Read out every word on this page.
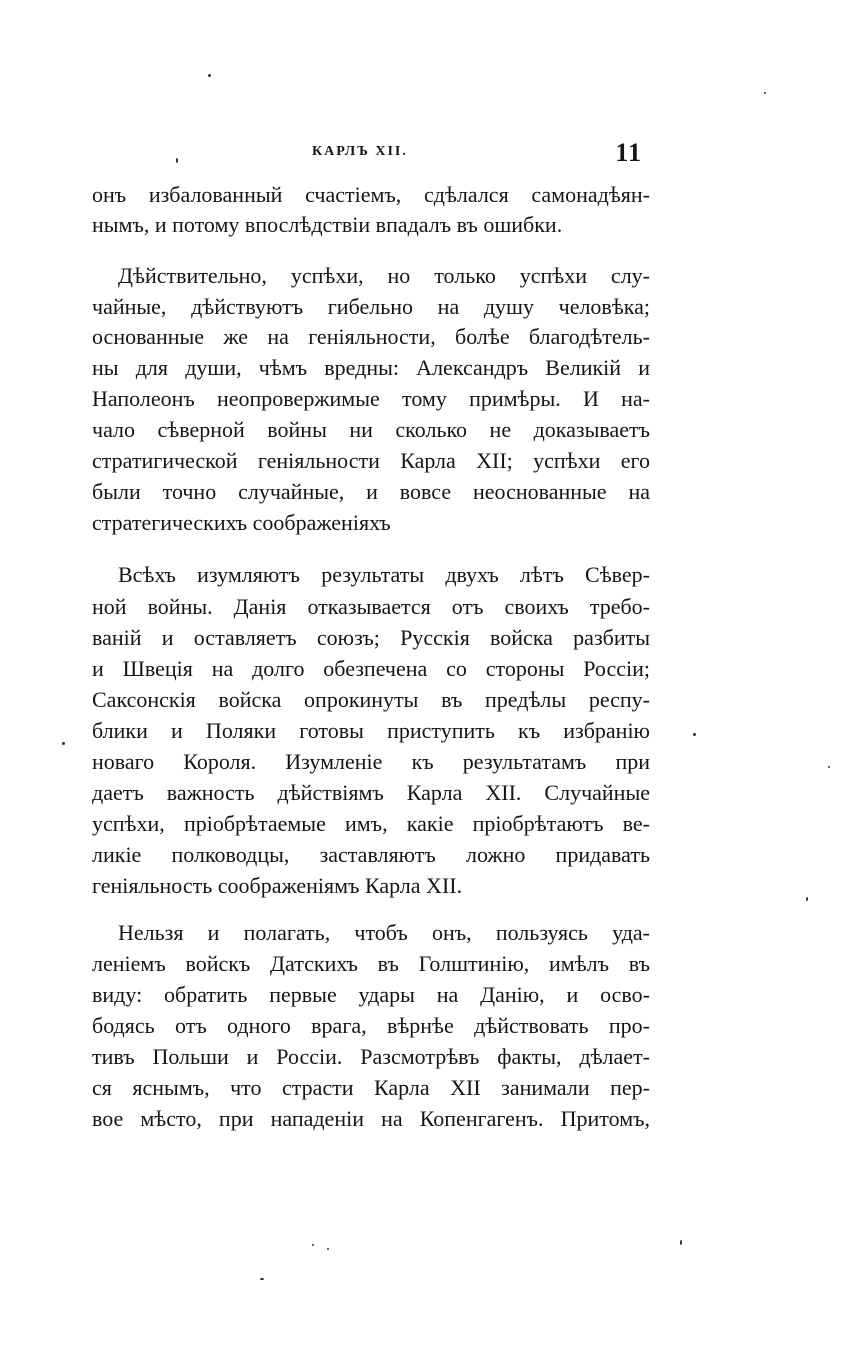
КАРЛЪ XII.	11
онъ избалованный счастіемъ, сдѣлался самонадѣян-
нымъ, и потому впослѣдствіи впадалъ въ ошибки.
Дѣйствительно, успѣхи, но только успѣхи слу-
чайные, дѣйствуютъ гибельно на душу человѣка;
основанные же на геніяльности, болѣе благодѣтель-
ны для души, чѣмъ вредны: Александръ Великій и
Наполеонъ неопровержимые тому примѣры. И на-
чало сѣверной войны ни сколько не доказываетъ
стратигической геніяльности Карла XII; успѣхи его
были точно случайные, и вовсе неоснованные на
стратегическихъ соображеніяхъ
Всѣхъ изумляютъ результаты двухъ лѣтъ Сѣвер-
ной войны. Данія отказывается отъ своихъ требо-
ваній и оставляетъ союзъ; Русскія войска разбиты
и Швеція на долго обезпечена со стороны Россіи;
Саксонскія войска опрокинуты въ предѣлы респу-
блики и Поляки готовы приступить къ избранію
новаго Короля. Изумленіе къ результатамъ при
даетъ важность дѣйствіямъ Карла XII. Случайные
успѣхи, пріобрѣтаемые имъ, какіе пріобрѣтаютъ ве-
ликіе полководцы, заставляютъ ложно придавать
геніяльность соображеніямъ Карла XII.
Нельзя и полагать, чтобъ онъ, пользуясь уда-
леніемъ войскъ Датскихъ въ Голштинію, имѣлъ въ
виду: обратить первые удары на Данію, и осво-
бодясь отъ одного врага, вѣрнѣе дѣйствовать про-
тивъ Польши и Россіи. Разсмотрѣвъ факты, дѣлает-
ся яснымъ, что страсти Карла XII занимали пер-
вое мѣсто, при нападеніи на Копенгагенъ. Притомъ,
